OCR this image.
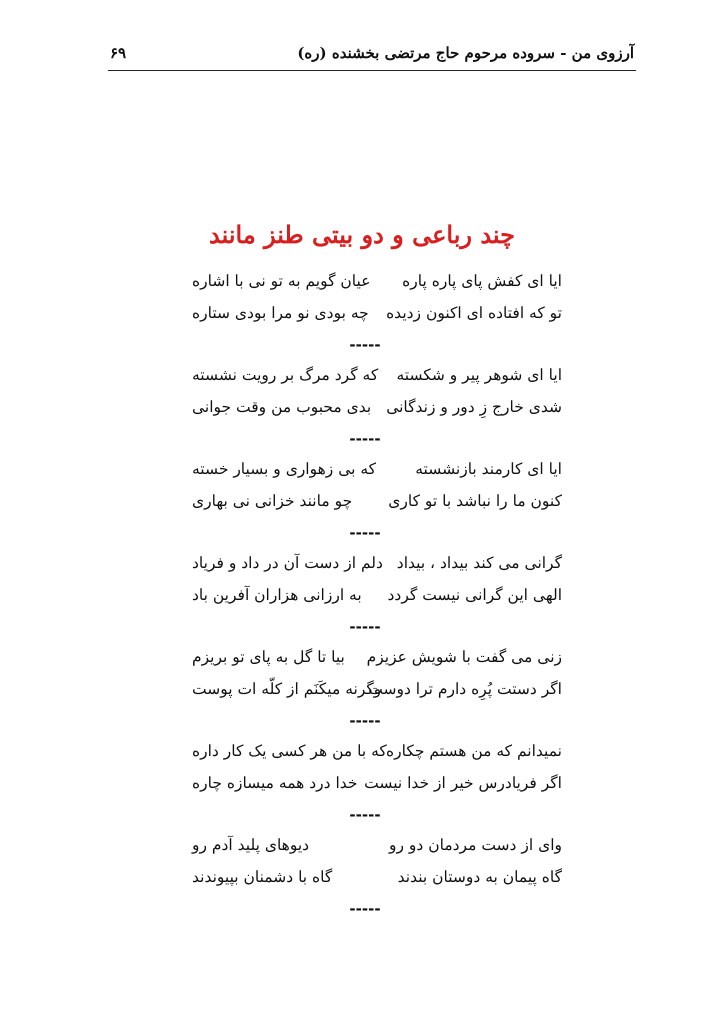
آرزوی من - سروده مرحوم حاج مرتضی بخشنده (ره)
۶۹
چند رباعی و دو بیتی طنز مانند
ایا ای کفش پای پاره پاره
عیان گویم به تو نی با اشاره
تو که افتاده ای اکنون زدیده
چه بودی نو مرا بودی ستاره
-----
ایا ای شوهر پیر و شکسته
که گرد مرگ بر رویت نشسته
شدی خارج زِ دور و زندگانی
بدی محبوب من وقت جوانی
-----
ایا ای کارمند بازنشسته
که بی زهواری و بسیار خسته
کنون ما را نباشد با تو کاری
چو مانند خزانی نی بهاری
-----
گرانی می کند بیداد ، بیداد
دلم از دست آن در داد و فریاد
الهی این گرانی نیست گردد
به ارزانی هزاران آفرین باد
-----
زنی می گفت با شویش عزیزم
بیا تا گل به پای تو بریزم
اگر دستت پُرِه دارم ترا دوست
وگرنه میکَنَم از کلّه ات پوست
-----
نمیدانم که من هستم چکاره
که با من هر کسی یک کار داره
اگر فریادرس خیر از خدا نیست
خدا درد همه میسازه چاره
-----
وای از دست مردمان دو رو
دیوهای پلید آدم رو
گاه پیمان به دوستان بندند
گاه با دشمنان بپیوندند
-----
